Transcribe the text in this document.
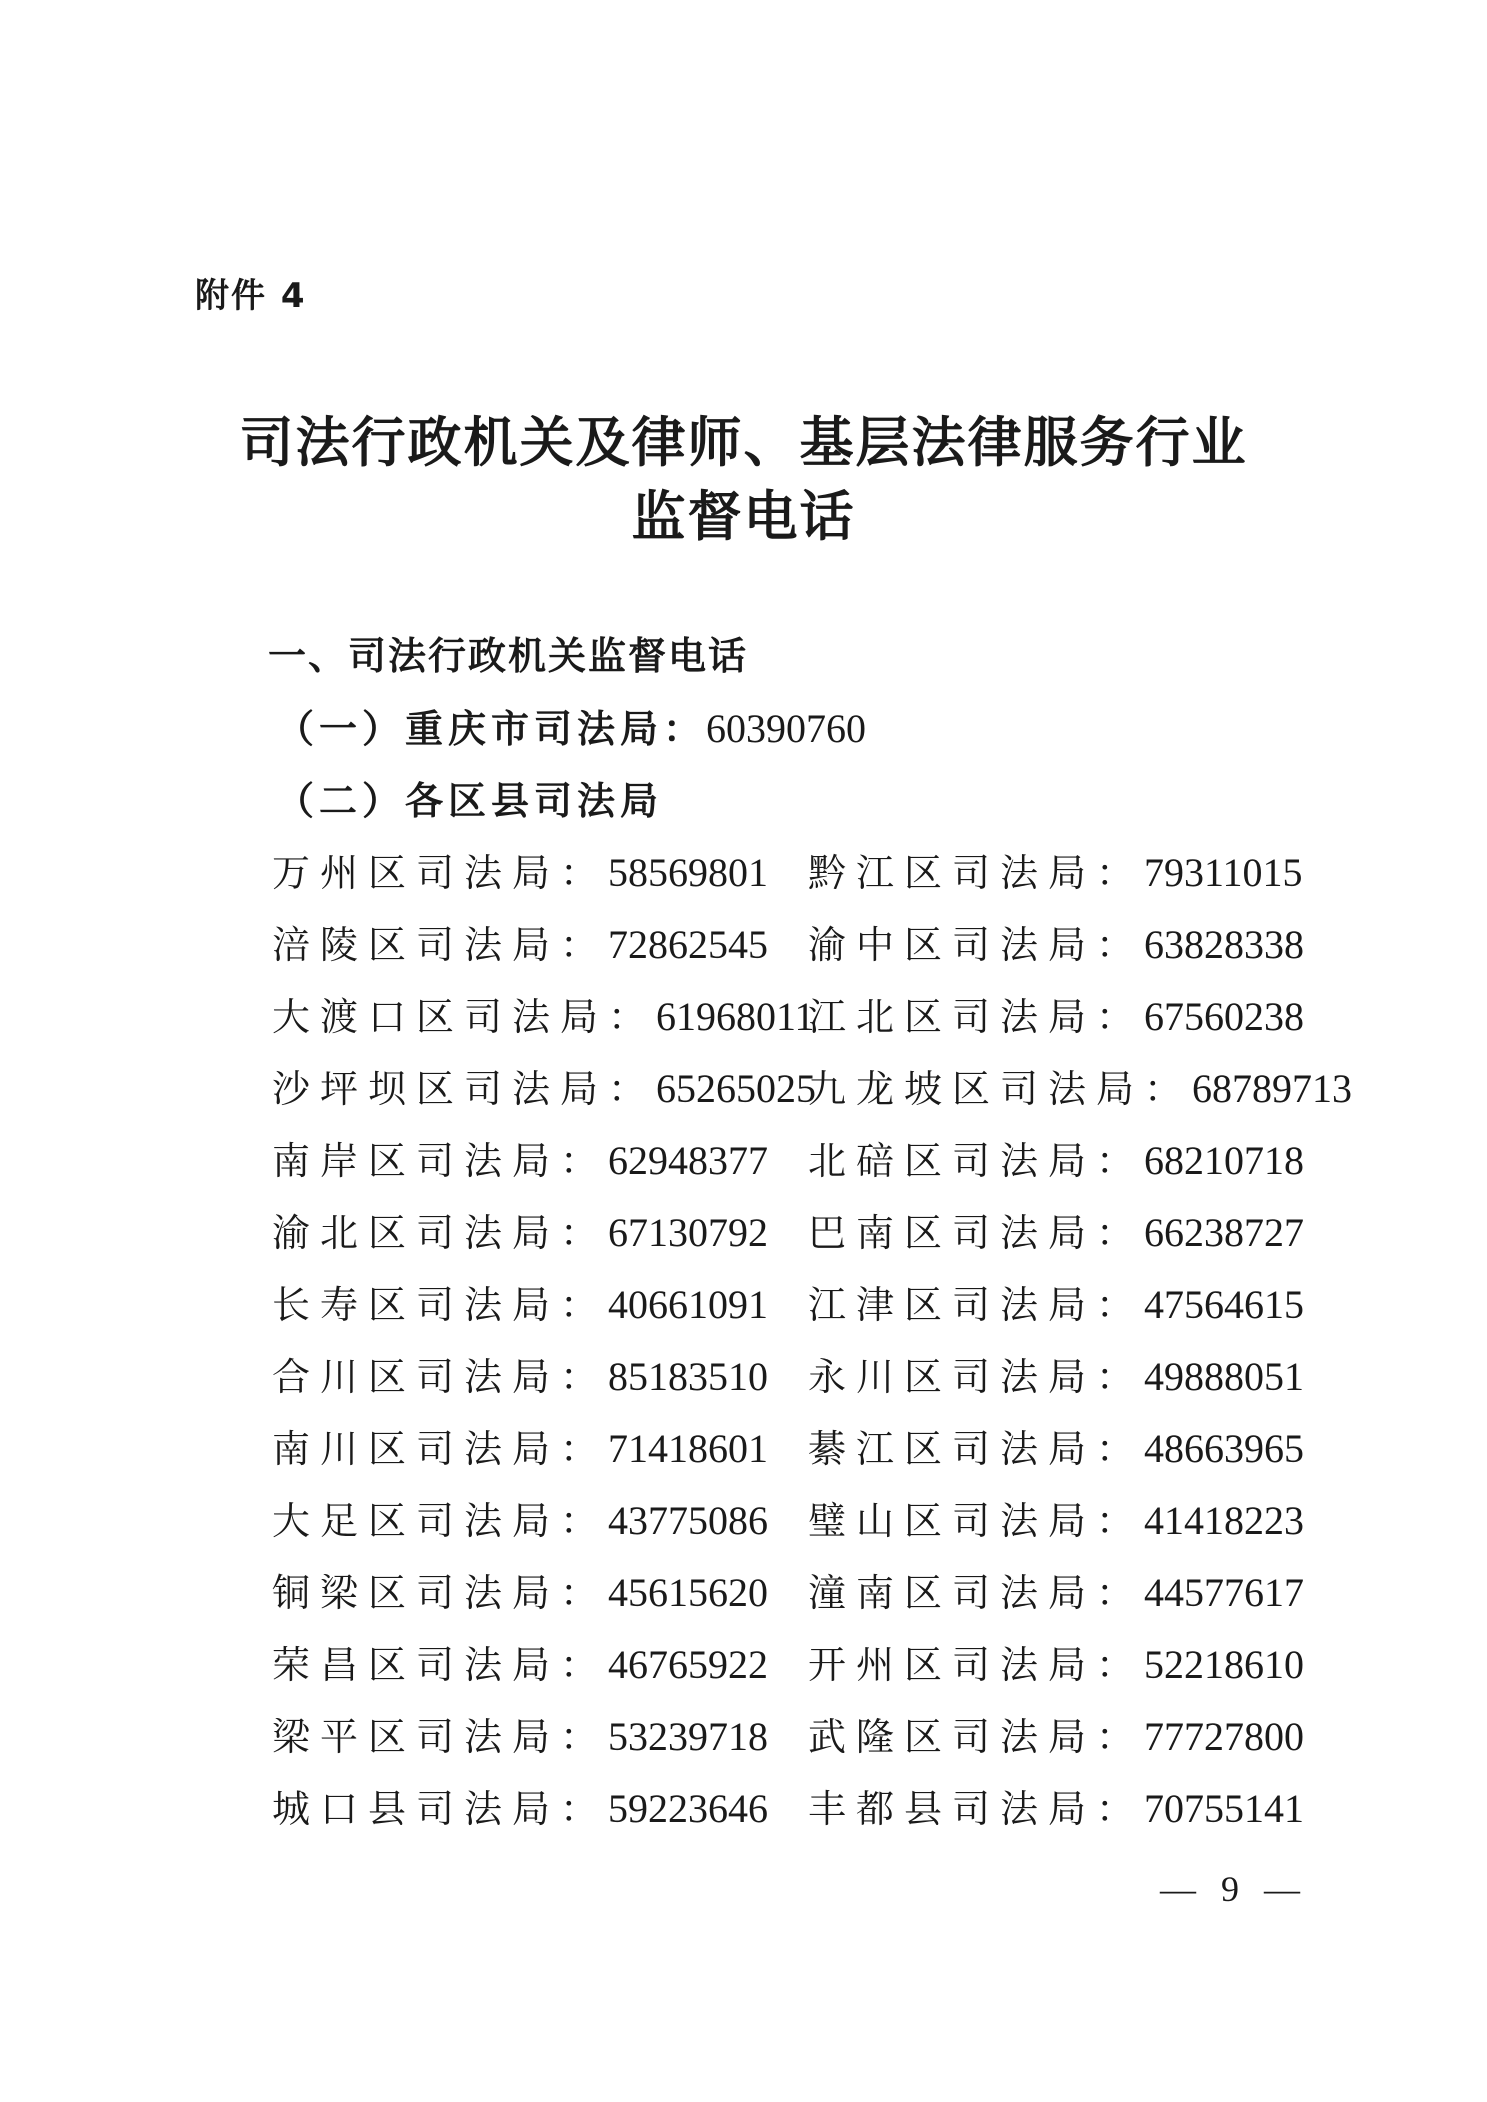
附件 4
司法行政机关及律师、基层法律服务行业
监督电话
一、司法行政机关监督电话
（一）重庆市司法局：60390760
（二）各区县司法局
万州区司法局：58569801
涪陵区司法局：72862545
大渡口区司法局：61968011
沙坪坝区司法局：65265025
南岸区司法局：62948377
渝北区司法局：67130792
长寿区司法局：40661091
合川区司法局：85183510
南川区司法局：71418601
大足区司法局：43775086
铜梁区司法局：45615620
荣昌区司法局：46765922
梁平区司法局：53239718
城口县司法局：59223646
黔江区司法局：79311015
渝中区司法局：63828338
江北区司法局：67560238
九龙坡区司法局：68789713
北碚区司法局：68210718
巴南区司法局：66238727
江津区司法局：47564615
永川区司法局：49888051
綦江区司法局：48663965
璧山区司法局：41418223
潼南区司法局：44577617
开州区司法局：52218610
武隆区司法局：77727800
丰都县司法局：70755141
— 9 —
